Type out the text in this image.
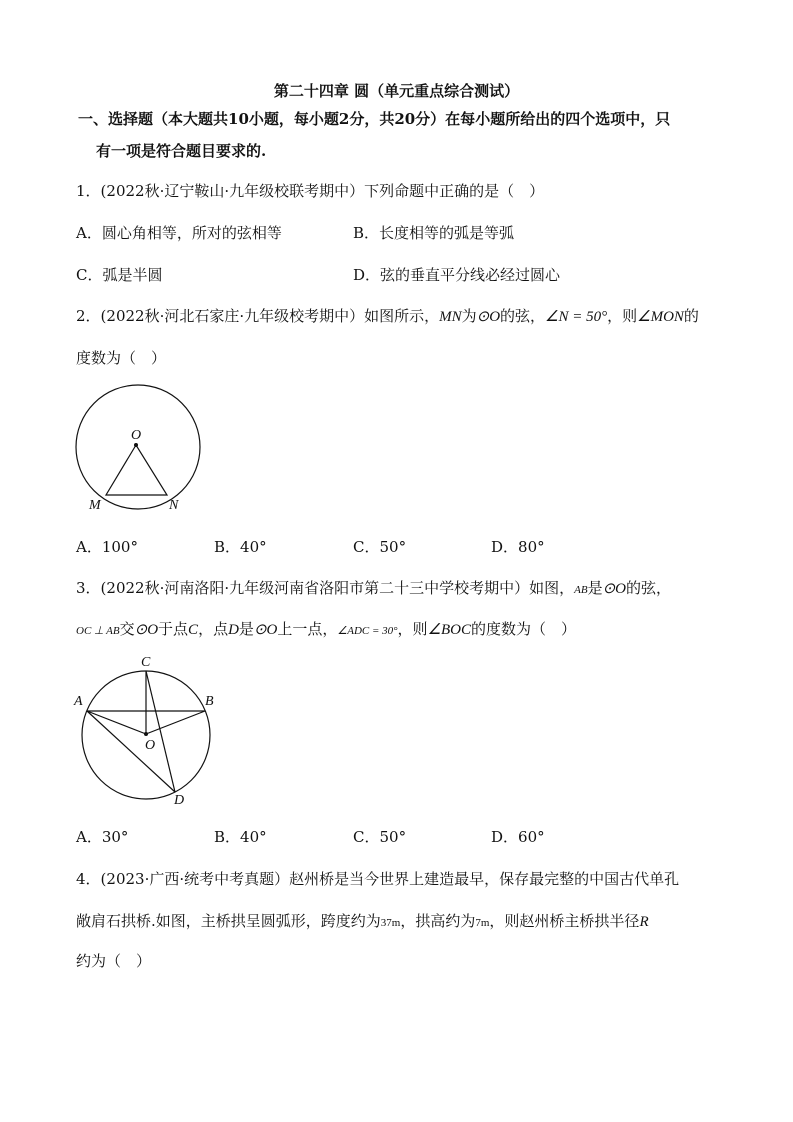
第二十四章 圆（单元重点综合测试）
一、选择题（本大题共10小题，每小题2分，共20分）在每小题所给出的四个选项中，只
有一项是符合题目要求的.
1．(2022秋·辽宁鞍山·九年级校联考期中）下列命题中正确的是（　）
A．圆心角相等，所对的弦相等	B．长度相等的弧是等弧
C．弧是半圆	D．弦的垂直平分线必经过圆心
2．(2022秋·河北石家庄·九年级校考期中）如图所示，MN为⊙O的弦，∠N = 50°，则∠MON的
度数为（　）
O
M	N
A．100°	B．40°	C．50°	D．80°
3．(2022秋·河南洛阳·九年级河南省洛阳市第二十三中学校考期中）如图，AB是⊙O的弦，
OC ⊥ AB交⊙O于点C，点D是⊙O上一点，∠ADC = 30°，则∠BOC的度数为（　）
C
A	B
O
D
A．30°	B．40°	C．50°	D．60°
4．(2023·广西·统考中考真题）赵州桥是当今世界上建造最早，保存最完整的中国古代单孔
敞肩石拱桥.如图，主桥拱呈圆弧形，跨度约为37m，拱高约为7m，则赵州桥主桥拱半径R
约为（　）
